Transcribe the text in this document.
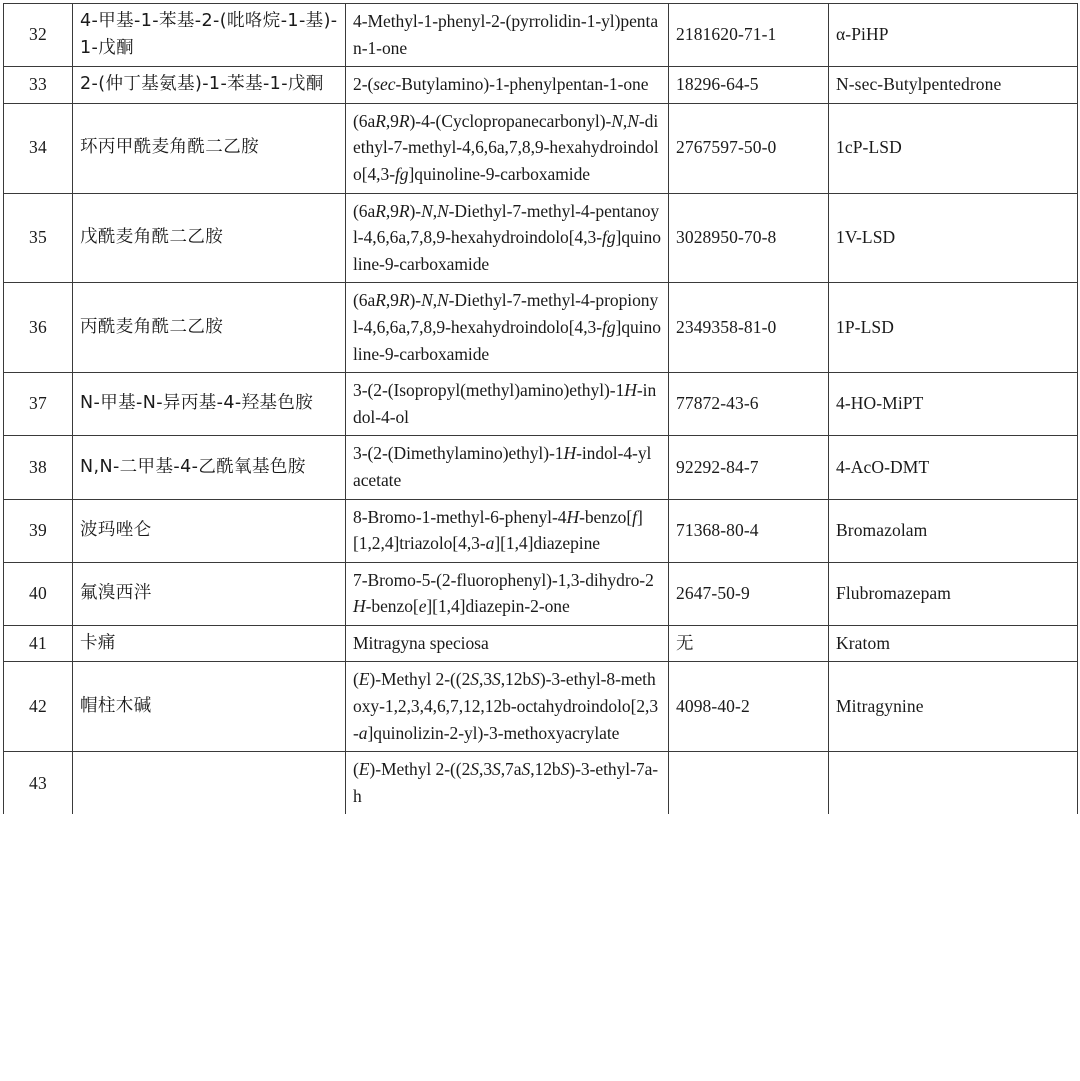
32	4-甲基-1-苯基-2-(吡咯烷-1-基)-1-戊酮	4-Methyl-1-phenyl-2-(pyrrolidin-1-yl)pentan-1-one	2181620-71-1	α-PiHP
33	2-(仲丁基氨基)-1-苯基-1-戊酮	2-(sec-Butylamino)-1-phenylpentan-1-one	18296-64-5	N-sec-Butylpentedrone
34	环丙甲酰麦角酰二乙胺	(6aR,9R)-4-(Cyclopropanecarbonyl)-N,N-diethyl-7-methyl-4,6,6a,7,8,9-hexahydroindolo[4,3-fg]quinoline-9-carboxamide	2767597-50-0	1cP-LSD
35	戊酰麦角酰二乙胺	(6aR,9R)-N,N-Diethyl-7-methyl-4-pentanoyl-4,6,6a,7,8,9-hexahydroindolo[4,3-fg]quinoline-9-carboxamide	3028950-70-8	1V-LSD
36	丙酰麦角酰二乙胺	(6aR,9R)-N,N-Diethyl-7-methyl-4-propionyl-4,6,6a,7,8,9-hexahydroindolo[4,3-fg]quinoline-9-carboxamide	2349358-81-0	1P-LSD
37	N-甲基-N-异丙基-4-羟基色胺	3-(2-(Isopropyl(methyl)amino)ethyl)-1H-indol-4-ol	77872-43-6	4-HO-MiPT
38	N,N-二甲基-4-乙酰氧基色胺	3-(2-(Dimethylamino)ethyl)-1H-indol-4-yl acetate	92292-84-7	4-AcO-DMT
39	波玛唑仑	8-Bromo-1-methyl-6-phenyl-4H-benzo[f][1,2,4]triazolo[4,3-a][1,4]diazepine	71368-80-4	Bromazolam
40	氟溴西泮	7-Bromo-5-(2-fluorophenyl)-1,3-dihydro-2H-benzo[e][1,4]diazepin-2-one	2647-50-9	Flubromazepam
41	卡痛	Mitragyna speciosa	无	Kratom
42	帽柱木碱	(E)-Methyl 2-((2S,3S,12bS)-3-ethyl-8-methoxy-1,2,3,4,6,7,12,12b-octahydroindolo[2,3-a]quinolizin-2-yl)-3-methoxyacrylate	4098-40-2	Mitragynine
43		(E)-Methyl 2-((2S,3S,7aS,12bS)-3-ethyl-7a-h		
